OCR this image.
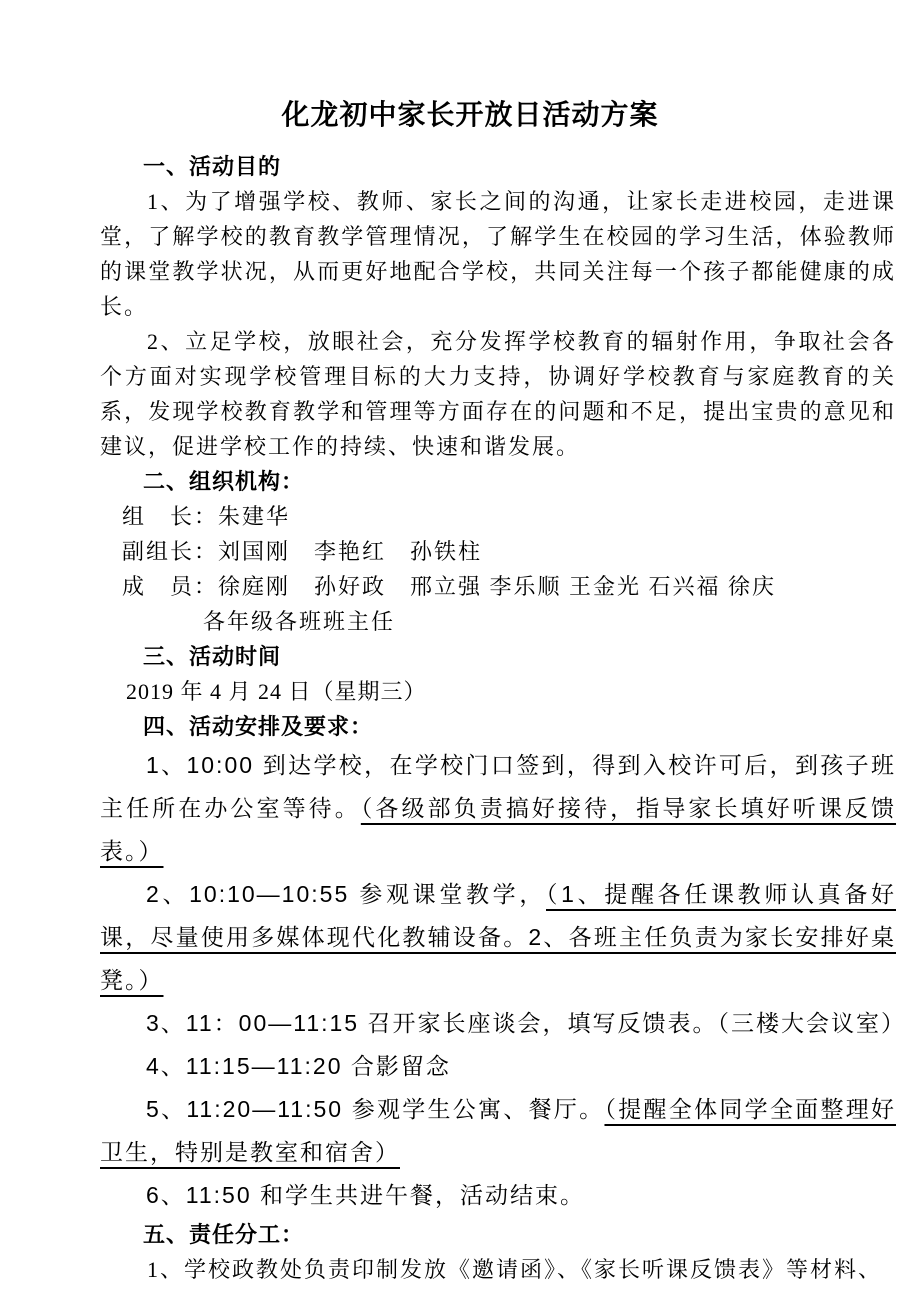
化龙初中家长开放日活动方案

一、活动目的

1、为了增强学校、教师、家长之间的沟通，让家长走进校园，走进课堂，了解学校的教育教学管理情况，了解学生在校园的学习生活，体验教师的课堂教学状况，从而更好地配合学校，共同关注每一个孩子都能健康的成长。

2、立足学校，放眼社会，充分发挥学校教育的辐射作用，争取社会各个方面对实现学校管理目标的大力支持，协调好学校教育与家庭教育的关系，发现学校教育教学和管理等方面存在的问题和不足，提出宝贵的意见和建议，促进学校工作的持续、快速和谐发展。

二、组织机构：

组　长：朱建华

副组长：刘国刚　李艳红　孙铁柱

成　员：徐庭刚　孙好政　邢立强 李乐顺 王金光 石兴福 徐庆

各年级各班班主任

三、活动时间

2019 年 4 月 24 日（星期三）

四、活动安排及要求：

1、10:00 到达学校，在学校门口签到，得到入校许可后，到孩子班主任所在办公室等待。（各级部负责搞好接待，指导家长填好听课反馈表。）

2、10:10—10:55 参观课堂教学，（1、提醒各任课教师认真备好课，尽量使用多媒体现代化教辅设备。2、各班主任负责为家长安排好桌凳。）

3、11：00—11:15 召开家长座谈会，填写反馈表。（三楼大会议室）

4、11:15—11:20 合影留念

5、11:20—11:50 参观学生公寓、餐厅。（提醒全体同学全面整理好卫生，特别是教室和宿舍）

6、11:50 和学生共进午餐，活动结束。

五、责任分工：

1、学校政教处负责印制发放《邀请函》、《家长听课反馈表》等材料、
